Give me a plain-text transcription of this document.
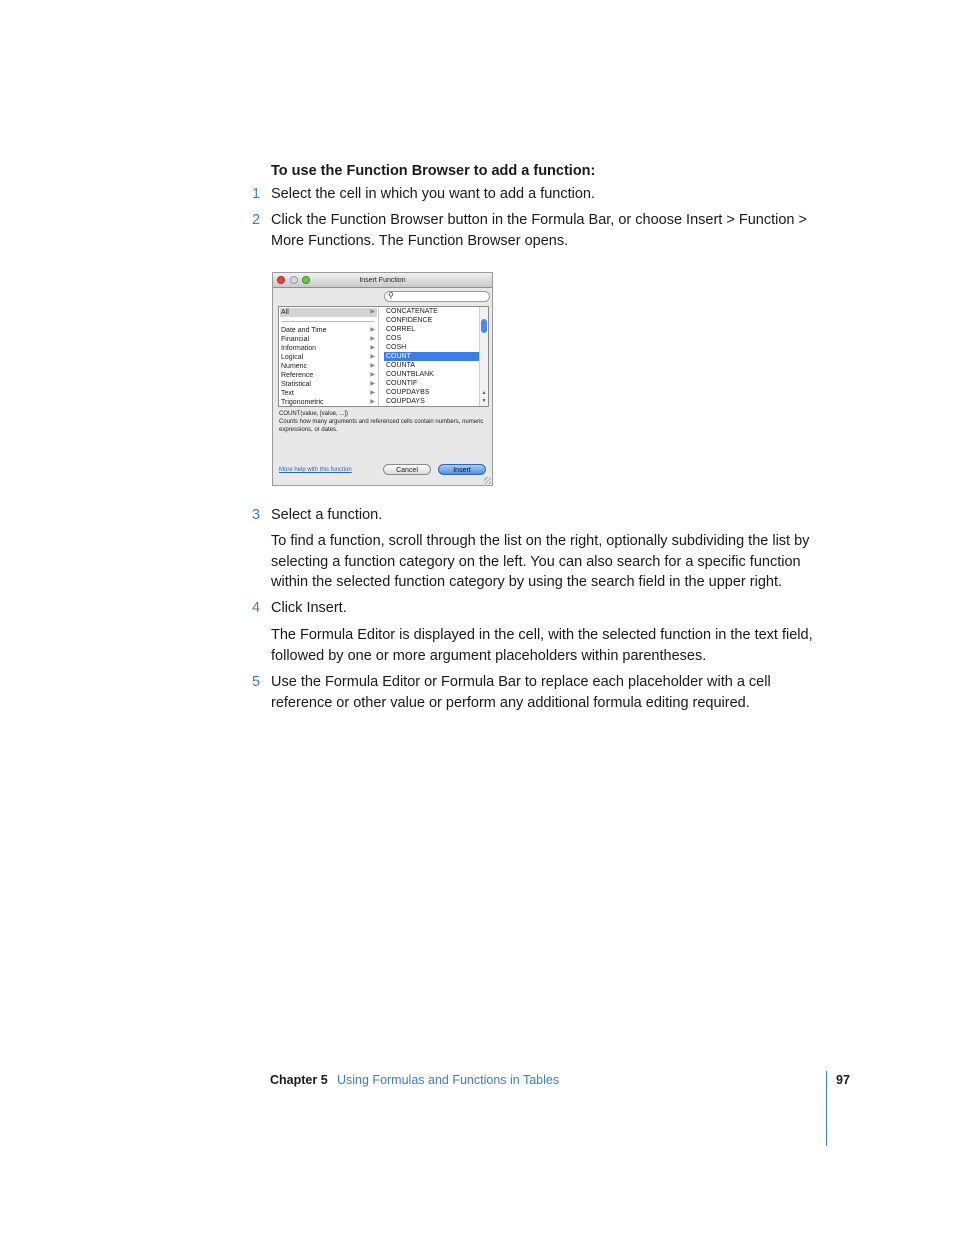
To use the Function Browser to add a function:
1 Select the cell in which you want to add a function.
2 Click the Function Browser button in the Formula Bar, or choose Insert > Function > More Functions. The Function Browser opens.
Insert Function
⚲
All	▶
Date and Time	▶
Financial	▶
Information	▶
Logical	▶
Numeric	▶
Reference	▶
Statistical	▶
Text	▶
Trigonometric	▶
CONCATENATE
CONFIDENCE
CORREL
COS
COSH
COUNT
COUNTA
COUNTBLANK
COUNTIF
COUPDAYBS
COUPDAYS
▲
▼
COUNT(value, [value, ...])
Counts how many arguments and referenced cells contain numbers, numeric expressions, or dates.
More help with this function	Cancel	Insert
3 Select a function.
To find a function, scroll through the list on the right, optionally subdividing the list by selecting a function category on the left. You can also search for a specific function within the selected function category by using the search field in the upper right.
4 Click Insert.
The Formula Editor is displayed in the cell, with the selected function in the text field, followed by one or more argument placeholders within parentheses.
5 Use the Formula Editor or Formula Bar to replace each placeholder with a cell reference or other value or perform any additional formula editing required.
Chapter 5 Using Formulas and Functions in Tables	97
